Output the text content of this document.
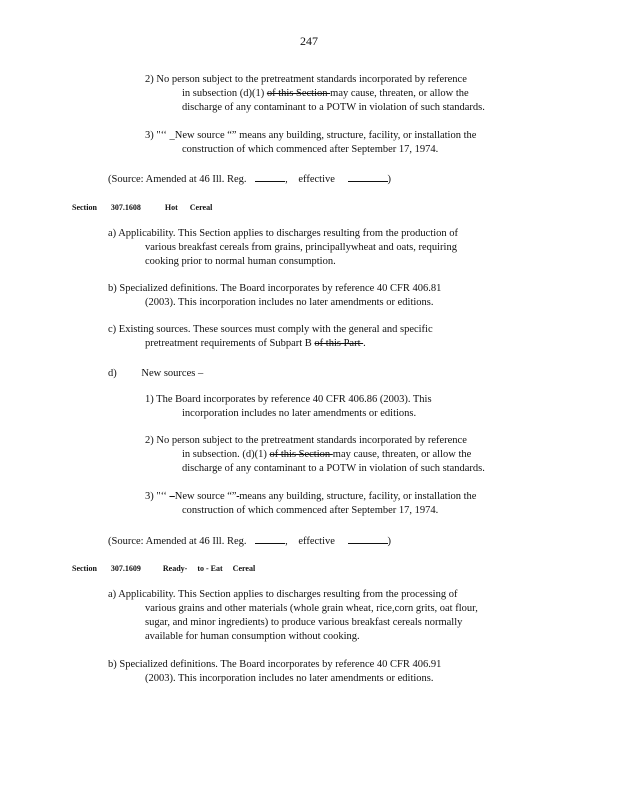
247
2) No person subject to the pretreatment standards incorporated by reference
in subsection (d)(1) of this Section may cause, threaten, or allow the
discharge of any contaminant to a POTW in violation of such standards.
3) "‘‘ _New source “” means any building, structure, facility, or installation the
construction of which commenced after September 17, 1974.
(Source: Amended at 46 Ill. Reg.	, effective	)
Section 307.1608	Hot Cereal
a) Applicability. This Section applies to discharges resulting from the production of
various breakfast cereals from grains, principallywheat and oats, requiring
cooking prior to normal human consumption.
b) Specialized definitions. The Board incorporates by reference 40 CFR 406.81
(2003). This incorporation includes no later amendments or editions.
c) Existing sources. These sources must comply with the general and specific
pretreatment requirements of Subpart B of this Part .
d) New sources –
1) The Board incorporates by reference 40 CFR 406.86 (2003). This
incorporation includes no later amendments or editions.
2) No person subject to the pretreatment standards incorporated by reference
in subsection. (d)(1) of this Section may cause, threaten, or allow the
discharge of any contaminant to a POTW in violation of such standards.
3) "‘‘ –New source “” means any building, structure, facility, or installation the
construction of which commenced after September 17, 1974.
(Source: Amended at 46 Ill. Reg.	, effective	)
Section 307.1609	Ready- to - Eat Cereal
a) Applicability. This Section applies to discharges resulting from the processing of
various grains and other materials (whole grain wheat, rice,corn grits, oat flour,
sugar, and minor ingredients) to produce various breakfast cereals normally
available for human consumption without cooking.
b) Specialized definitions. The Board incorporates by reference 40 CFR 406.91
(2003). This incorporation includes no later amendments or editions.
